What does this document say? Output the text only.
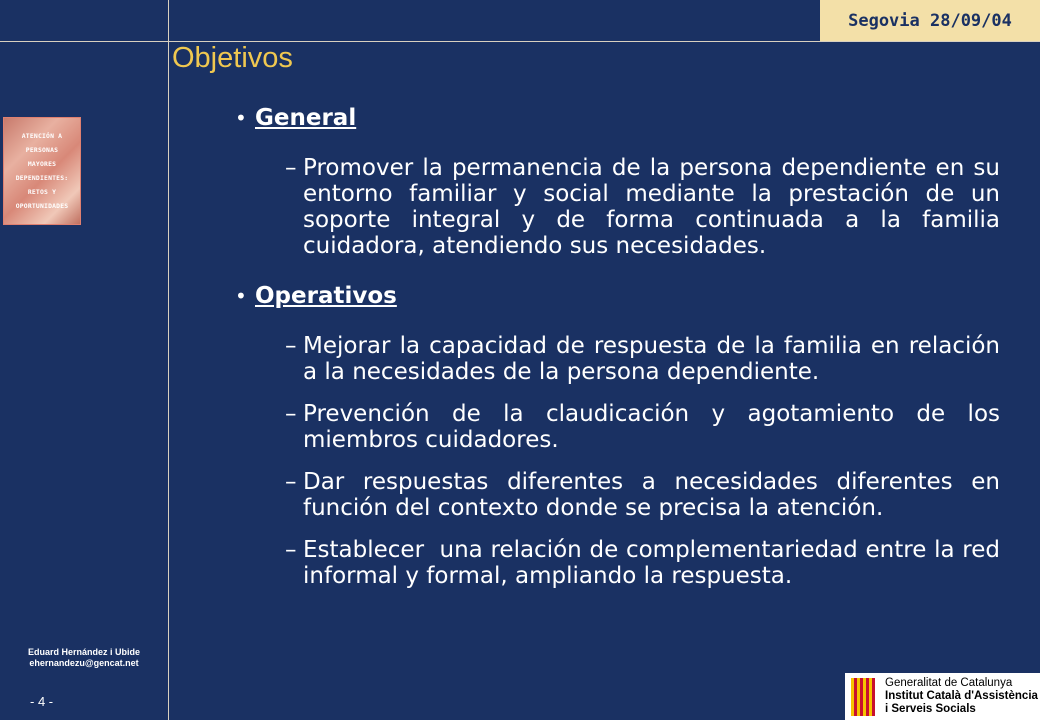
Segovia 28/09/04
Objetivos
ATENCIÓN A
PERSONAS
MAYORES
DEPENDIENTES:
RETOS Y
OPORTUNIDADES
Eduard Hernández i Ubide
ehernandezu@gencat.net
- 4 -
• General
– Promover la permanencia de la persona dependiente en su entorno familiar y social mediante la prestación de un soporte integral y de forma continuada a la familia cuidadora, atendiendo sus necesidades.
• Operativos
– Mejorar la capacidad de respuesta de la familia en relación a la necesidades de la persona dependiente.
– Prevención de la claudicación y agotamiento de los miembros cuidadores.
– Dar respuestas diferentes a necesidades diferentes en función del contexto donde se precisa la atención.
– Establecer  una relación de complementariedad entre la red informal y formal, ampliando la respuesta.
Generalitat de Catalunya
Institut Català d'Assistència
i Serveis Socials
